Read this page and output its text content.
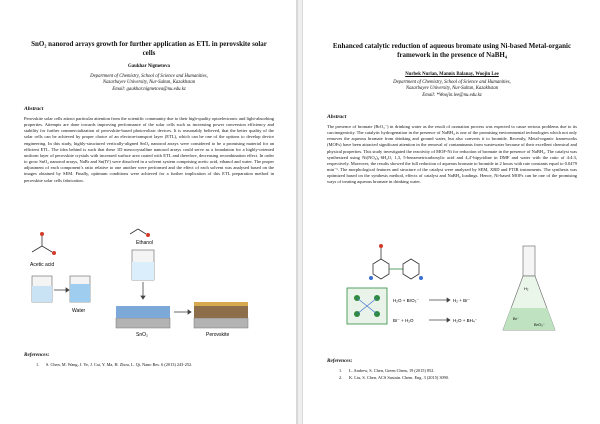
SnO₂ nanorod arrays growth for further application as ETL in perovskite solar cells
Gaukhar Nigmetova
Department of Chemistry, School of Science and Humanities,
Nazarbayev University, Nur-Sultan, Kazakhstan
Email: gaukhar.nigmetova@nu.edu.kz
Abstract
Perovskite solar cells attract particular attention from the scientific community due to their high-quality optoelectronic and light-absorbing properties. Attempts are done towards improving performance of the solar cells such as increasing power conversion efficiency and stability for further commercialization of perovskite-based photovoltaic devices. It is reasonably believed, that the better quality of the solar cells can be achieved by proper choice of an electron-transport layer (ETL), which can be one of the options to develop device engineering. In this study, highly-structured vertically-aligned SnO₂ nanorod arrays were considered to be a promising material for an efficient ETL. The idea behind is such that these 1D mesocrystalline nanorod arrays could serve as a foundation for a highly-oriented uniform layer of perovskite crystals with increased surface area coated with ETL and therefore, decreasing recombination effect. In order to grow SnO₂ nanorod arrays, NaBr and Sn(IV) were dissolved in a solvent system comprising acetic acid, ethanol and water. The proper adjustment of each component’s ratio relative to one another were performed and the effect of each solvent was analysed based on the images obtained by SEM. Finally, optimum conditions were achieved for a further implication of this ETL preparation method in perovskite solar cells fabrication.
Acetic acid
Ethanol
Water
SnO₂	Perovskite
References:
1.	S. Chen, M. Wang, J. Ye, J. Cai, Y. Ma, H. Zhou, L. Qi, Nano Res. 6 (2013) 243-252.
Enhanced catalytic reduction of aqueous bromate using Ni-based Metal-organic framework in the presence of NaBH₄
Nurbek Nurlan, Mannix Balanay, Woojin Lee
Department of Chemistry, School of Science and Humanities,
Nazarbayev University, Nur-Sultan, Kazakhstan
Email: *Woojin.lee@nu.edu.kz
Abstract
The presence of bromate (BrO₃⁻) in drinking water as the result of ozonation process was expected to cause serious problems due to its carcinogenicity. The catalytic hydrogenation in the presence of NaBH₄ is one of the promising environmental technologies which not only removes the aqueous bromate from drinking and ground water, but also converts it to bromide. Recently, Metal-organic frameworks (MOFs) have been attracted significant attention in the removal of contaminants from wastewater because of their excellent chemical and physical properties. This study investigated the reactivity of MOF-Ni for reduction of bromate in the presence of NaBH₄. The catalyst was synthesized using Ni(NO₃)₂·6H₂O, 1,3, 5-benzenetricarboxylic acid and 4,4′-bipyridine in DMF and water with the ratio of 4:4:3, respectively. Moreover, the results showed the full reduction of aqueous bromate to bromide in 2 hours with rate constants equal to 0.0479 min⁻¹. The morphological features and structure of the catalyst were analyzed by SEM, XRD and FTIR instruments. The synthesis was optimized based on the synthesis method, effects of catalyst and NaBH₄ loadings. Hence, Ni-based MOFs can be one of the promising ways of treating aqueous bromate in drinking water.
H₂O + BrO₃⁻	H₂ + Br⁻
Br⁻ + H₂O	H₂O + BH₄⁻
H₂
Br⁻
BrO₃⁻
References:
1.	L. Andrew, S. Chen, Green Chem, 19 (2015) 852.
2.	K. Liu, S. Chen, ACS Sustain. Chem. Eng. 3 (2015) 3090.
